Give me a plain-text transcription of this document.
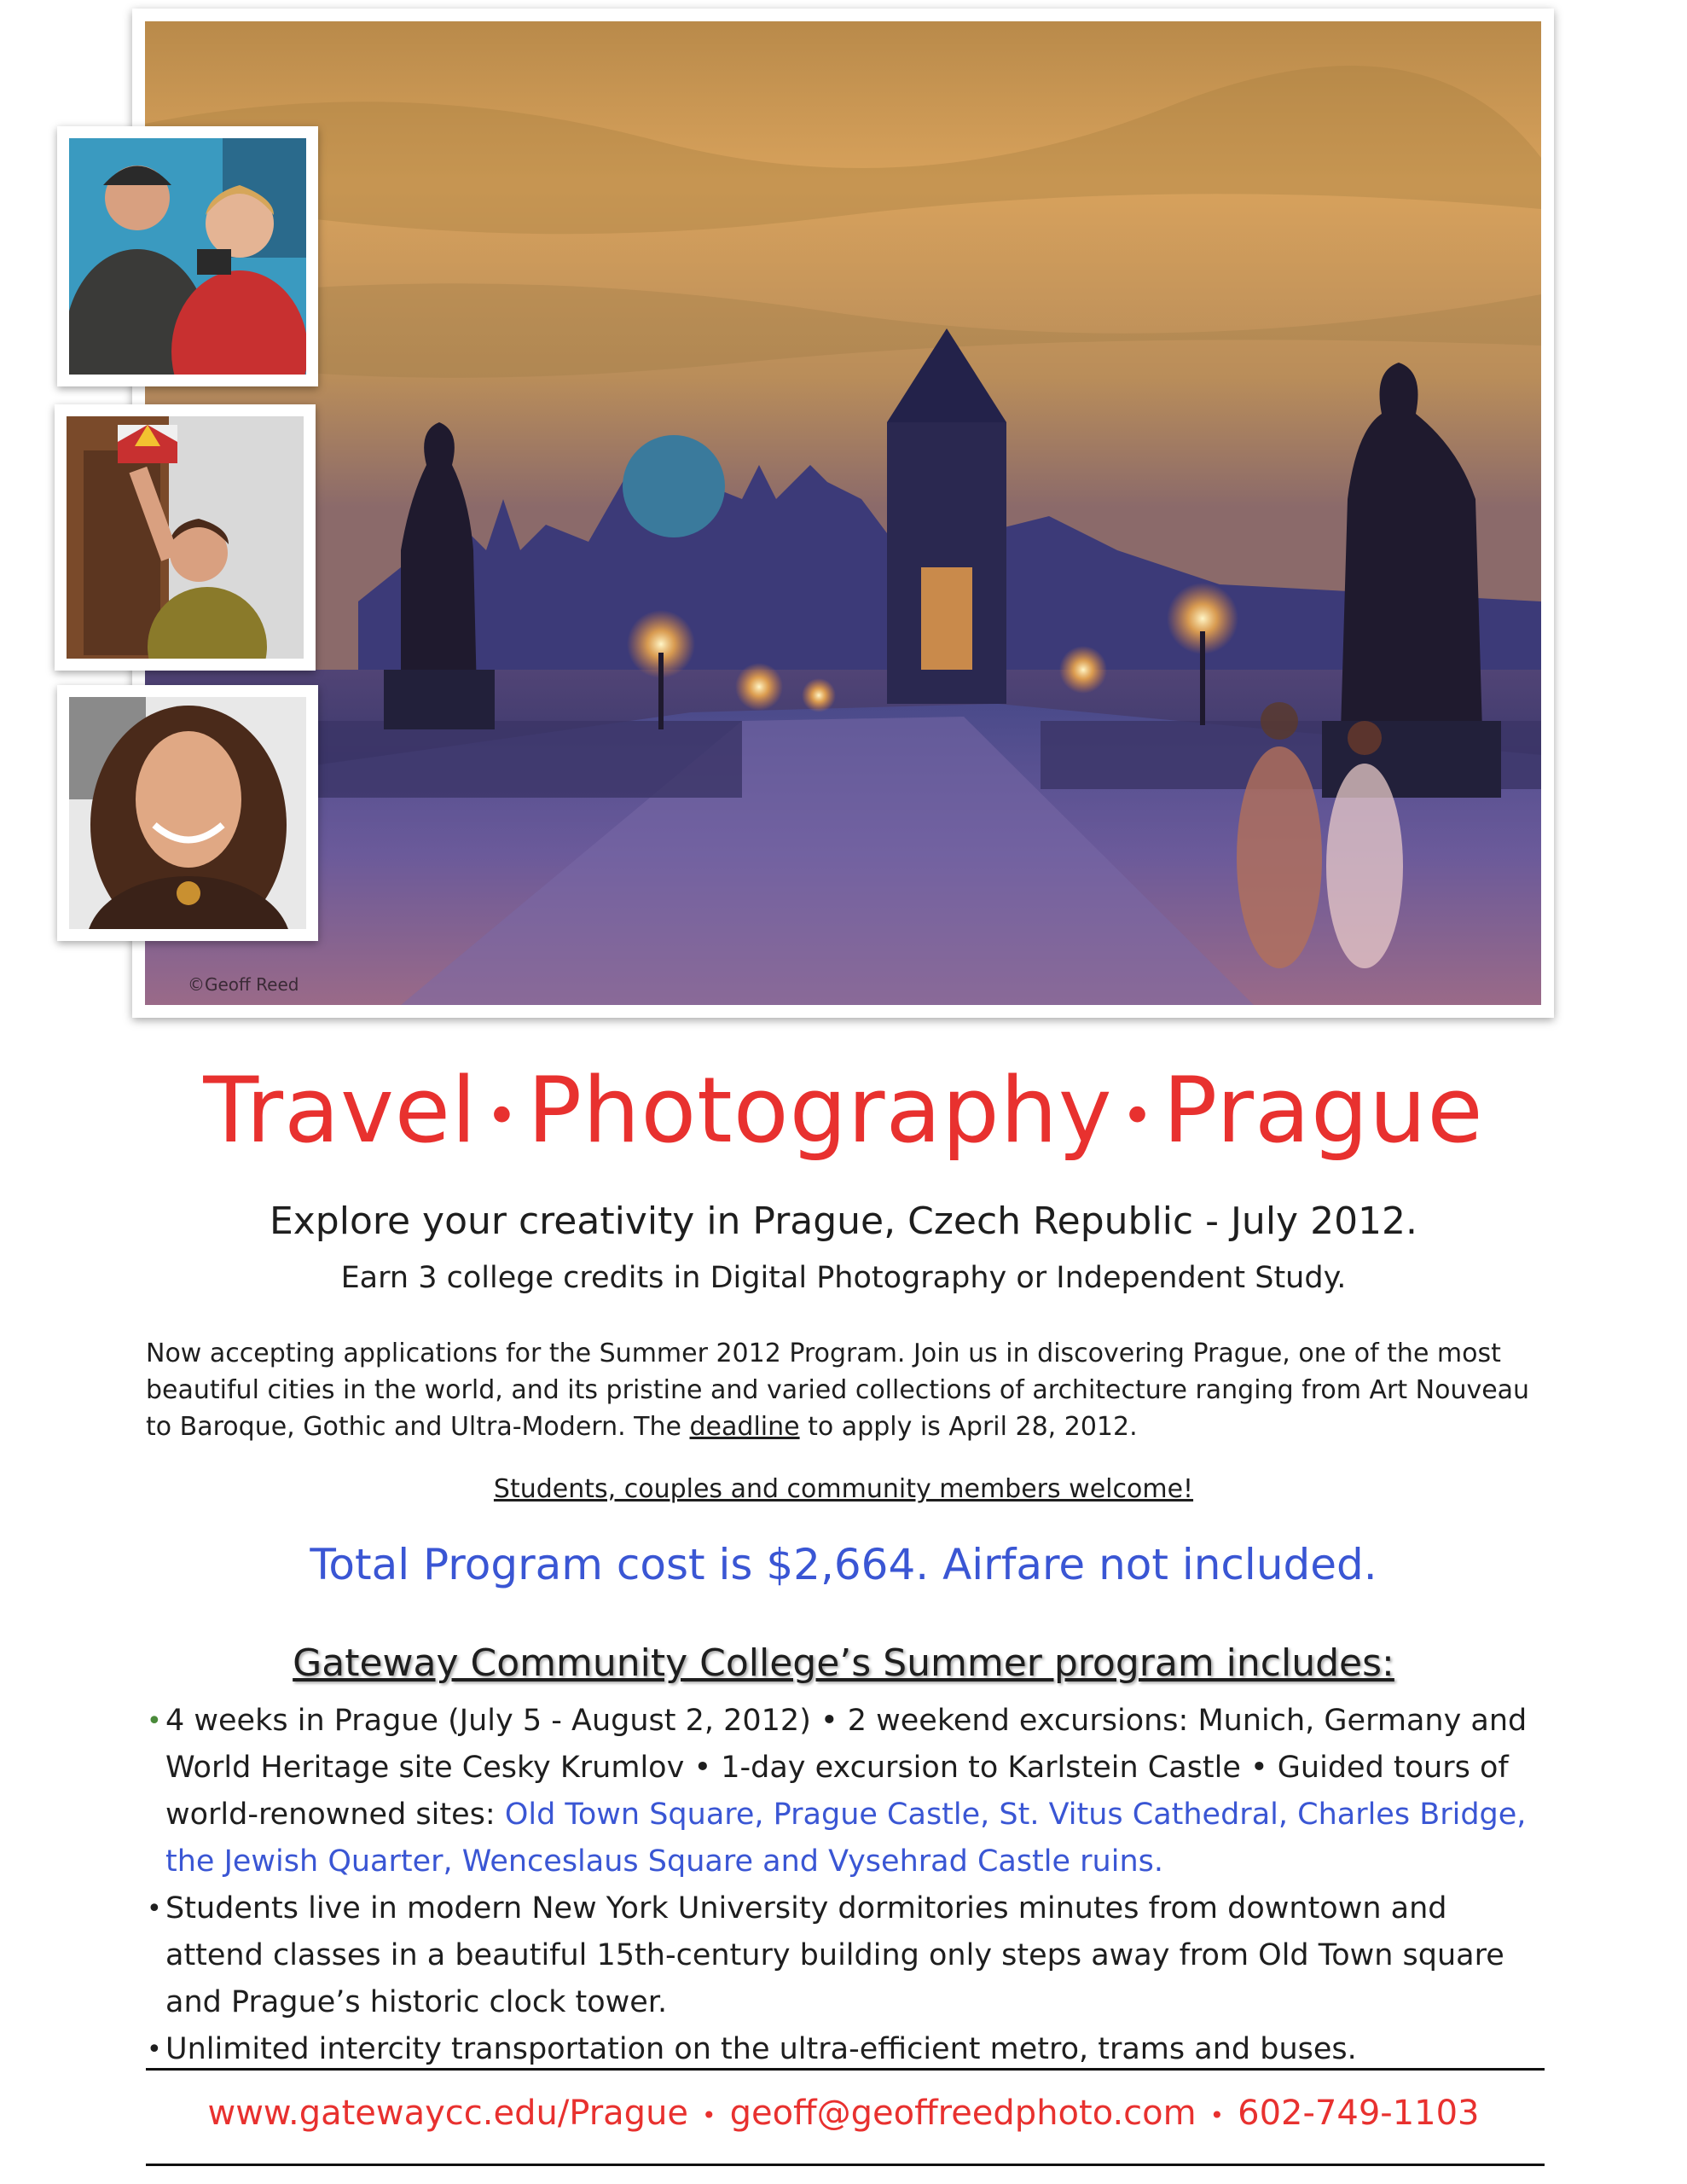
©Geoff Reed
Travel •Photography •Prague
Explore your creativity in Prague, Czech Republic - July 2012.
Earn 3 college credits in Digital Photography or Independent Study.

Now accepting applications for the Summer 2012 Program. Join us in discovering Prague, one of the most beautiful cities in the world, and its pristine and varied collections of architecture ranging from Art Nouveau to Baroque, Gothic and Ultra-Modern. The deadline to apply is April 28, 2012.

Students, couples and community members welcome!
Total Program cost is $2,664. Airfare not included.
Gateway Community College’s Summer program includes:
• 4 weeks in Prague (July 5 - August 2, 2012) • 2 weekend excursions: Munich, Germany and World Heritage site Cesky Krumlov • 1-day excursion to Karlstein Castle • Guided tours of world-renowned sites: Old Town Square, Prague Castle, St. Vitus Cathedral, Charles Bridge, the Jewish Quarter, Wenceslaus Square and Vysehrad Castle ruins.
• Students live in modern New York University dormitories minutes from downtown and attend classes in a beautiful 15th-century building only steps away from Old Town square and Prague’s historic clock tower.
• Unlimited intercity transportation on the ultra-efficient metro, trams and buses.
www.gatewaycc.edu/Prague • geoff@geoffreedphoto.com • 602-749-1103
